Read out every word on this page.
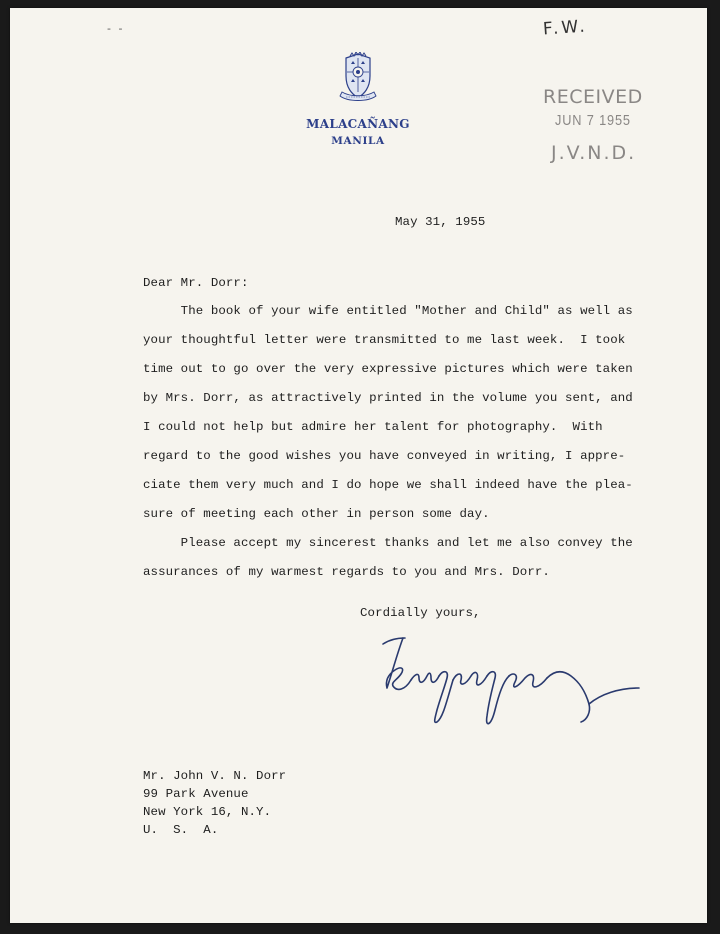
- -	F.W.
MALACAÑANG
MANILA
RECEIVED
JUN 7 1955
J.V.N.D.
May 31, 1955
Dear Mr. Dorr:
The book of your wife entitled "Mother and Child" as well as
your thoughtful letter were transmitted to me last week.  I took
time out to go over the very expressive pictures which were taken
by Mrs. Dorr, as attractively printed in the volume you sent, and
I could not help but admire her talent for photography.  With
regard to the good wishes you have conveyed in writing, I appre-
ciate them very much and I do hope we shall indeed have the plea-
sure of meeting each other in person some day.
Please accept my sincerest thanks and let me also convey the
assurances of my warmest regards to you and Mrs. Dorr.
Cordially yours,
Mr. John V. N. Dorr
99 Park Avenue
New York 16, N.Y.
U.  S.  A.
